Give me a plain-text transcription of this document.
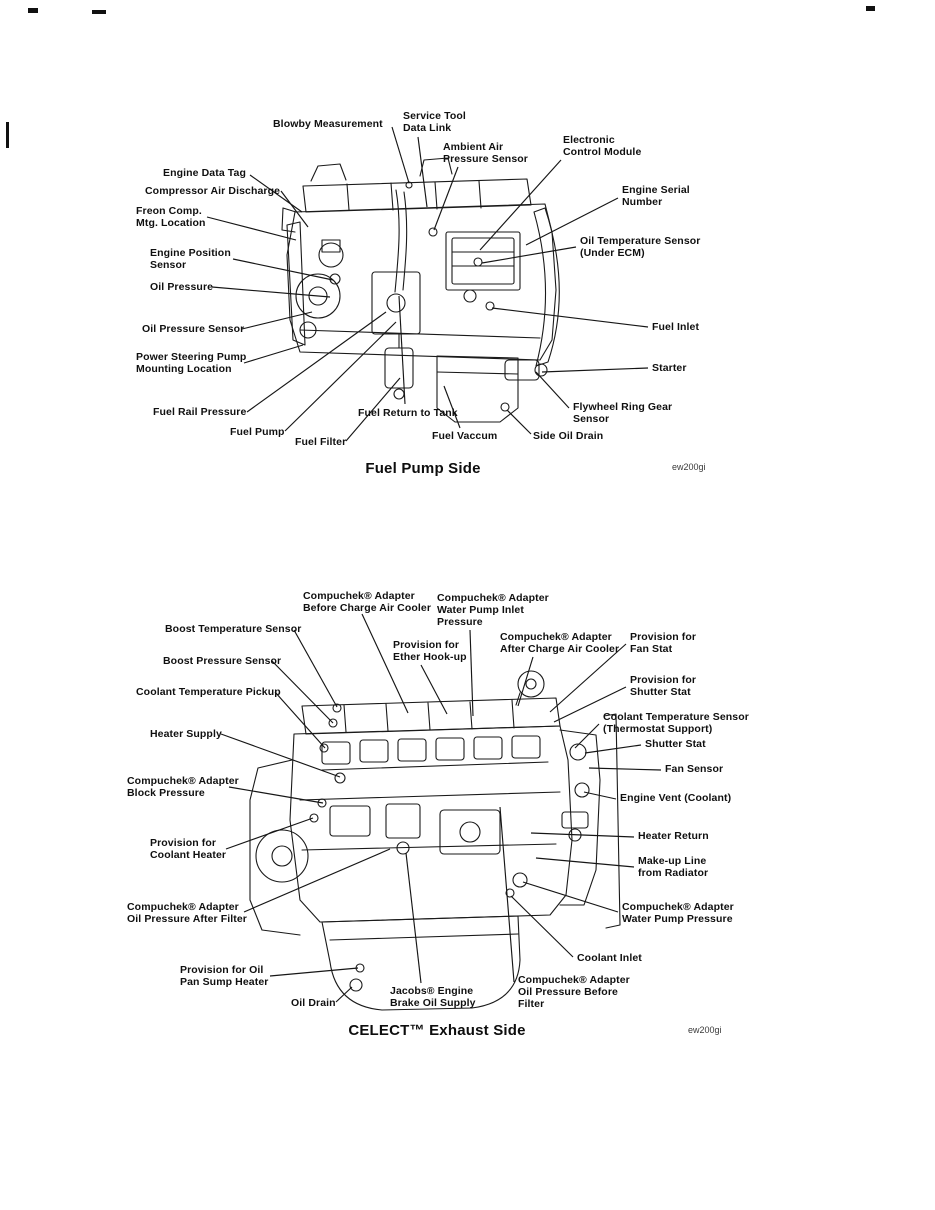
Fuel Pump Side	ew200gi
CELECT™ Exhaust Side	ew200gi
Blowby Measurement
Service Tool
Data Link
Ambient Air
Pressure Sensor
Electronic
Control Module
Engine Data Tag
Compressor Air Discharge
Freon Comp.
Mtg. Location
Engine Position
Sensor
Oil Pressure
Oil Pressure Sensor
Power Steering Pump
Mounting Location
Fuel Rail Pressure
Fuel Pump
Fuel Filter
Fuel Return to Tank
Fuel Vaccum	Side Oil Drain
Engine Serial
Number
Oil Temperature Sensor
(Under ECM)
Fuel Inlet
Starter
Flywheel Ring Gear
Sensor
Compuchek® Adapter
Before Charge Air Cooler
Compuchek® Adapter
Water Pump Inlet
Pressure
Boost Temperature Sensor
Provision for
Ether Hook-up
Compuchek® Adapter
After Charge Air Cooler
Provision for
Fan Stat
Boost Pressure Sensor
Provision for
Shutter Stat
Coolant Temperature Pickup
Coolant Temperature Sensor
(Thermostat Support)
Heater Supply
Shutter Stat
Fan Sensor
Compuchek® Adapter
Block Pressure	Engine Vent (Coolant)
Provision for
Coolant Heater
Heater Return
Make-up Line
from Radiator
Compuchek® Adapter
Oil Pressure After Filter
Compuchek® Adapter
Water Pump Pressure
Coolant Inlet
Provision for Oil
Pan Sump Heater
Jacobs® Engine
Brake Oil Supply
Compuchek® Adapter
Oil Pressure Before
Filter
Oil Drain
